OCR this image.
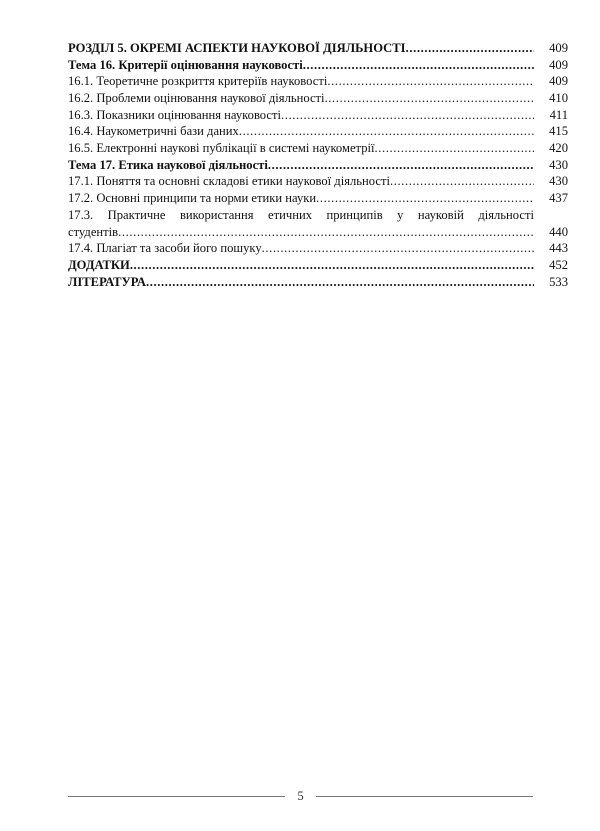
РОЗДІЛ 5. ОКРЕМІ АСПЕКТИ НАУКОВОЇ ДІЯЛЬНОСТІ .....	409
Тема 16. Критерії оцінювання науковості .....	409
16.1. Теоретичне розкриття критеріїв науковості .....	409
16.2. Проблеми оцінювання наукової діяльності .....	410
16.3. Показники оцінювання науковості .....	411
16.4. Наукометричні бази даних .....	415
16.5. Електронні наукові публікації в системі наукометрії .....	420
Тема 17. Етика наукової діяльності .....	430
17.1. Поняття та основні складові етики наукової діяльності .....	430
17.2. Основні принципи та норми етики науки .....	437
17.3. Практичне використання етичних принципів у науковій діяльності
студентів .....	440
17.4. Плагіат та засоби його пошуку .....	443
ДОДАТКИ .....	452
ЛІТЕРАТУРА .....	533
5
